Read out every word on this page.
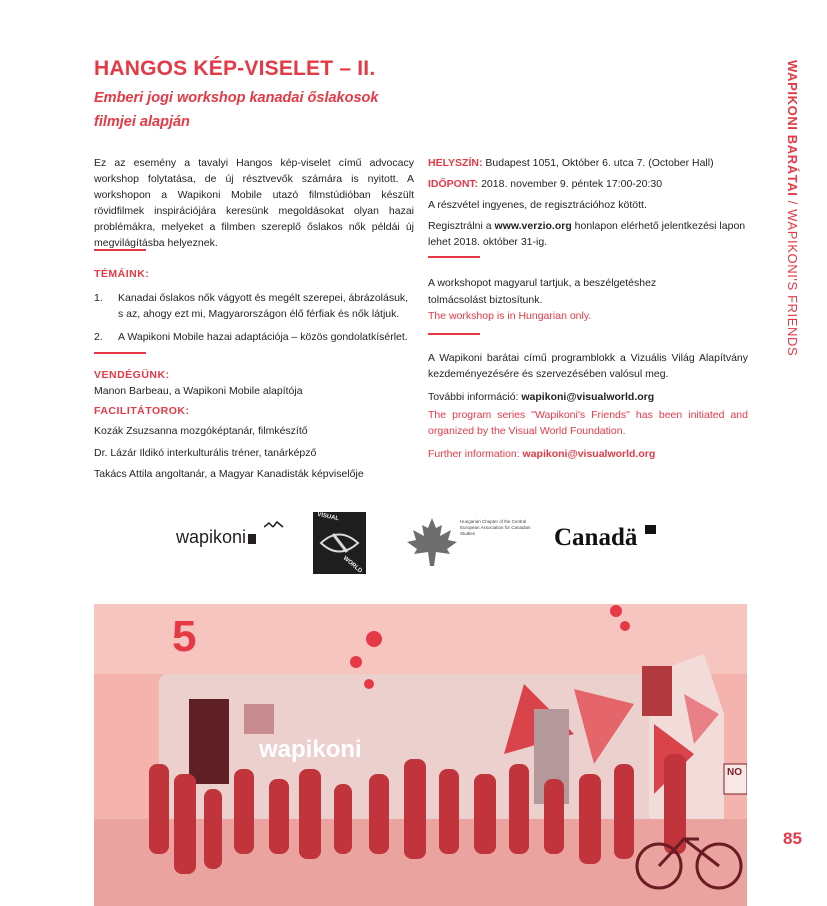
HANGOS KÉP-VISELET – II.
Emberi jogi workshop kanadai őslakosok filmjei alapján
Ez az esemény a tavalyi Hangos kép-viselet című advocacy workshop folytatása, de új résztvevők számára is nyitott. A workshopon a Wapikoni Mobile utazó filmstúdióban készült rövidfilmek inspirációjára keresünk megoldásokat olyan hazai problémákra, melyeket a filmben szereplő őslakos nők példái új megvilágításba helyeznek.
TÉMÁINK:
1.	Kanadai őslakos nők vágyott és megélt szerepei, ábrázolásuk, s az, ahogy ezt mi, Magyarországon élő férfiak és nők látjuk.
2.	A Wapikoni Mobile hazai adaptációja – közös gondolatkísérlet.
VENDÉGÜNK:
Manon Barbeau, a Wapikoni Mobile alapítója
FACILITÁTOROK:
Kozák Zsuzsanna mozgóképtanár, filmkészítő
Dr. Lázár Ildikó interkulturális tréner, tanárképző
Takács Attila angoltanár, a Magyar Kanadisták képviselője
HELYSZÍN: Budapest 1051, Október 6. utca 7. (October Hall)
IDŐPONT: 2018. november 9. péntek 17:00-20:30
A részvétel ingyenes, de regisztrációhoz kötött.
Regisztrálni a www.verzio.org honlapon elérhető jelentkezési lapon lehet 2018. október 31-ig.
A workshopot magyarul tartjuk, a beszélgetéshez
tolmácsolást biztosítunk.
The workshop is in Hungarian only.
A Wapikoni barátai című programblokk a Vizuális Világ Alapítvány kezdeményezésére és szervezésében valósul meg.
További információ: wapikoni@visualworld.org
The program series "Wapikoni's Friends" has been initiated and organized by the Visual World Foundation.
Further information: wapikoni@visualworld.org
WAPIKONI BARÁTAI / WAPIKONI'S FRIENDS
85
wapikoni
VISUAL
WORLD
Hungarian Chapter of the Central European Association for Canadian Studies	Canadä
5
wapikoni
NO
